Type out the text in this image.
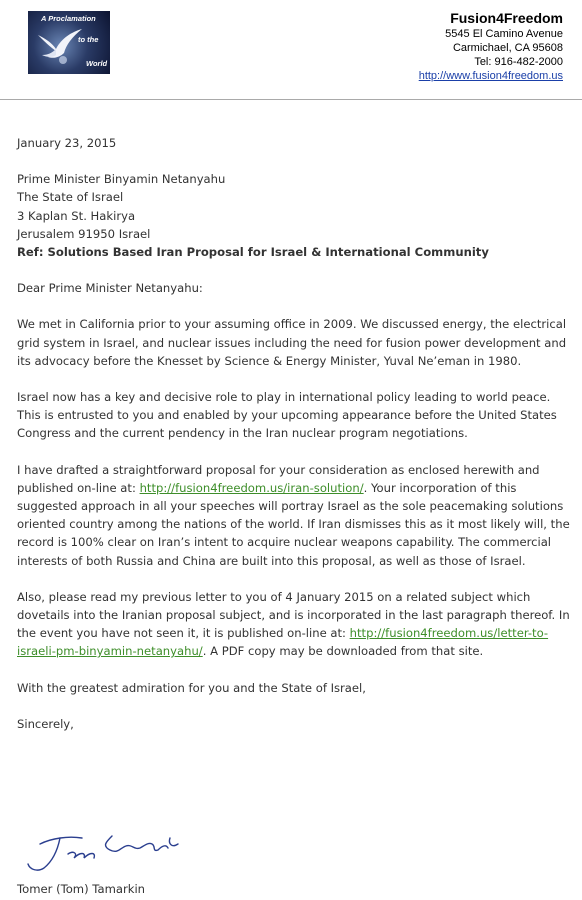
A Proclamation
to the
World
Fusion4Freedom
5545 El Camino Avenue
Carmichael, CA 95608
Tel: 916-482-2000
http://www.fusion4freedom.us

January 23, 2015

Prime Minister Binyamin Netanyahu

The State of Israel

3 Kaplan St. Hakirya

Jerusalem 91950 Israel

Ref: Solutions Based Iran Proposal for Israel & International Community

Dear Prime Minister Netanyahu:

We met in California prior to your assuming office in 2009. We discussed energy, the electrical grid system in Israel, and nuclear issues including the need for fusion power development and its advocacy before the Knesset by Science & Energy Minister, Yuval Ne’eman in 1980.

Israel now has a key and decisive role to play in international policy leading to world peace. This is entrusted to you and enabled by your upcoming appearance before the United States Congress and the current pendency in the Iran nuclear program negotiations.

I have drafted a straightforward proposal for your consideration as enclosed herewith and published on-line at: http://fusion4freedom.us/iran-solution/. Your incorporation of this suggested approach in all your speeches will portray Israel as the sole peacemaking solutions oriented country among the nations of the world. If Iran dismisses this as it most likely will, the record is 100% clear on Iran’s intent to acquire nuclear weapons capability. The commercial interests of both Russia and China are built into this proposal, as well as those of Israel.

Also, please read my previous letter to you of 4 January 2015 on a related subject which dovetails into the Iranian proposal subject, and is incorporated in the last paragraph thereof. In the event you have not seen it, it is published on-line at: http://fusion4freedom.us/letter-to-israeli-pm-binyamin-netanyahu/. A PDF copy may be downloaded from that site.

With the greatest admiration for you and the State of Israel,

Sincerely,

Tomer (Tom) Tamarkin
